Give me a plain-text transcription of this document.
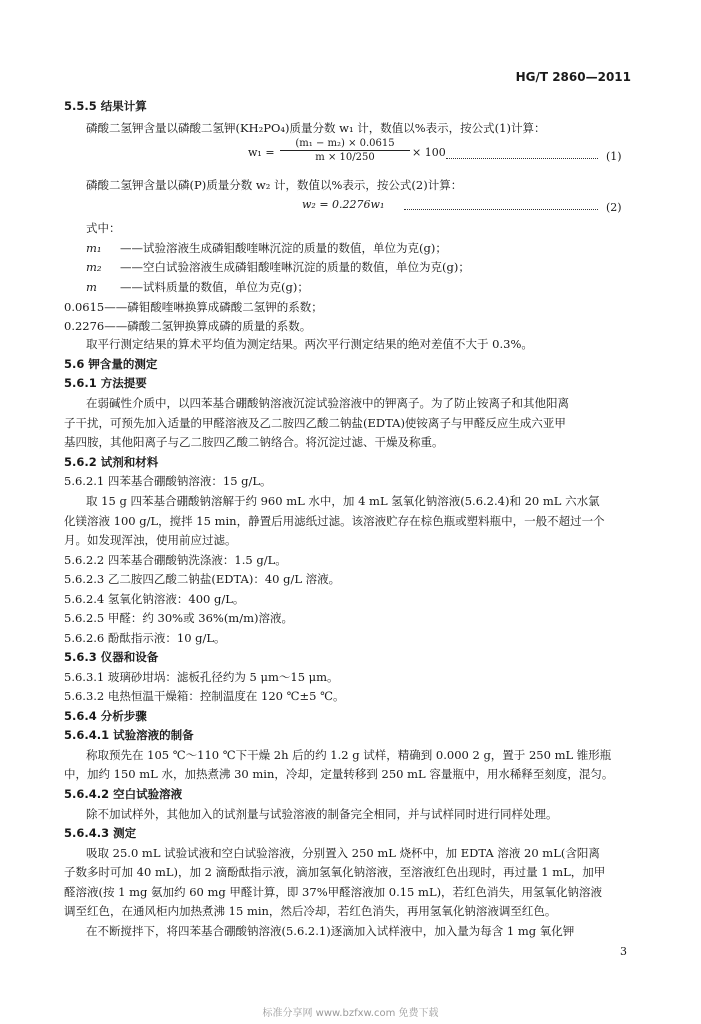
HG/T 2860—2011
5.5.5 结果计算
磷酸二氢钾含量以磷酸二氢钾(KH₂PO₄)质量分数 w₁ 计，数值以%表示，按公式(1)计算：
$w_1 = \frac{\text{(m₁ − m₂) × 0.0615}}{m \times 10/250} \times 100$	(1)
磷酸二氢钾含量以磷(P)质量分数 w₂ 计，数值以%表示，按公式(2)计算：
w₂ = 0.2276w₁	(2)
式中：
m₁ ——试验溶液生成磷钼酸喹啉沉淀的质量的数值，单位为克(g)；
m₂ ——空白试验溶液生成磷钼酸喹啉沉淀的质量的数值，单位为克(g)；
m ——试料质量的数值，单位为克(g)；
0.0615——磷钼酸喹啉换算成磷酸二氢钾的系数；
0.2276——磷酸二氢钾换算成磷的质量的系数。
取平行测定结果的算术平均值为测定结果。两次平行测定结果的绝对差值不大于 0.3%。
5.6 钾含量的测定
5.6.1 方法提要
在弱碱性介质中，以四苯基合硼酸钠溶液沉淀试验溶液中的钾离子。为了防止铵离子和其他阳离
子干扰，可预先加入适量的甲醛溶液及乙二胺四乙酸二钠盐(EDTA)使铵离子与甲醛反应生成六亚甲
基四胺，其他阳离子与乙二胺四乙酸二钠络合。将沉淀过滤、干燥及称重。
5.6.2 试剂和材料
5.6.2.1 四苯基合硼酸钠溶液：15 g/L。
取 15 g 四苯基合硼酸钠溶解于约 960 mL 水中，加 4 mL 氢氧化钠溶液(5.6.2.4)和 20 mL 六水氯
化镁溶液 100 g/L，搅拌 15 min，静置后用滤纸过滤。该溶液贮存在棕色瓶或塑料瓶中，一般不超过一个
月。如发现浑浊，使用前应过滤。
5.6.2.2 四苯基合硼酸钠洗涤液：1.5 g/L。
5.6.2.3 乙二胺四乙酸二钠盐(EDTA)：40 g/L 溶液。
5.6.2.4 氢氧化钠溶液：400 g/L。
5.6.2.5 甲醛：约 30%或 36%(m/m)溶液。
5.6.2.6 酚酞指示液：10 g/L。
5.6.3 仪器和设备
5.6.3.1 玻璃砂坩埚：滤板孔径约为 5 μm～15 μm。
5.6.3.2 电热恒温干燥箱：控制温度在 120 ℃±5 ℃。
5.6.4 分析步骤
5.6.4.1 试验溶液的制备
称取预先在 105 ℃～110 ℃下干燥 2h 后的约 1.2 g 试样，精确到 0.000 2 g，置于 250 mL 锥形瓶
中，加约 150 mL 水，加热煮沸 30 min，冷却，定量转移到 250 mL 容量瓶中，用水稀释至刻度，混匀。
5.6.4.2 空白试验溶液
除不加试样外，其他加入的试剂量与试验溶液的制备完全相同，并与试样同时进行同样处理。
5.6.4.3 测定
吸取 25.0 mL 试验试液和空白试验溶液，分别置入 250 mL 烧杯中，加 EDTA 溶液 20 mL(含阳离
子数多时可加 40 mL)，加 2 滴酚酞指示液，滴加氢氧化钠溶液，至溶液红色出现时，再过量 1 mL，加甲
醛溶液(按 1 mg 氨加约 60 mg 甲醛计算，即 37%甲醛溶液加 0.15 mL)，若红色消失，用氢氧化钠溶液
调至红色，在通风柜内加热煮沸 15 min，然后冷却，若红色消失，再用氢氧化钠溶液调至红色。
在不断搅拌下，将四苯基合硼酸钠溶液(5.6.2.1)逐滴加入试样液中，加入量为每含 1 mg 氧化钾
3
标准分享网 www.bzfxw.com 免费下载
